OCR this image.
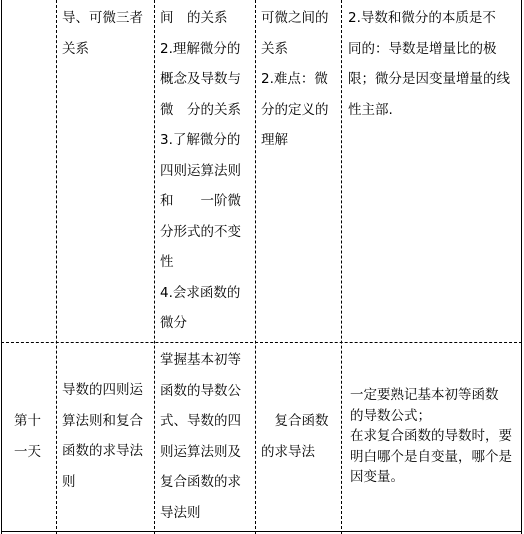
导、可微三者
关系
间　的关系
2.理解微分的
概念及导数与
微　分的关系
3.了解微分的
四则运算法则
和　　一阶微
分形式的不变
性
4.会求函数的
微分
可微之间的
关系
2.难点：微
分的定义的
理解
2.导数和微分的本质是不
同的：导数是增量比的极
限；微分是因变量增量的线
性主部.
第十
一天
导数的四则运
算法则和复合
函数的求导法
则
掌握基本初等
函数的导数公
式、导数的四
则运算法则及
复合函数的求
导法则
　复合函数
的求导法
一定要熟记基本初等函数
的导数公式；
在求复合函数的导数时，要
明白哪个是自变量，哪个是
因变量。
